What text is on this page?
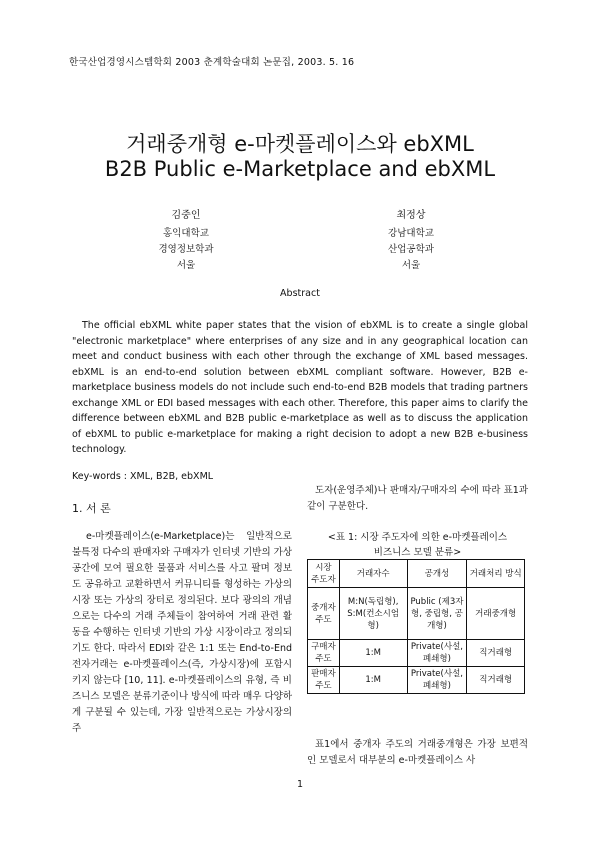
한국산업경영시스템학회 2003 춘계학술대회 논문집, 2003. 5. 16
거래중개형 e-마켓플레이스와 ebXML
B2B Public e-Marketplace and ebXML
김중인
홍익대학교
경영정보학과
서울
최정상
강남대학교
산업공학과
서울
Abstract
The official ebXML white paper states that the vision of ebXML is to create a single global "electronic marketplace" where enterprises of any size and in any geographical location can meet and conduct business with each other through the exchange of XML based messages. ebXML is an end-to-end solution between ebXML compliant software. However, B2B e-marketplace business models do not include such end-to-end B2B models that trading partners exchange XML or EDI based messages with each other. Therefore, this paper aims to clarify the difference between ebXML and B2B public e-marketplace as well as to discuss the application of ebXML to public e-marketplace for making a right decision to adopt a new B2B e-business technology.
Key-words : XML, B2B, ebXML
1. 서 론
e-마켓플레이스(e-Marketplace)는 일반적으로 불특정 다수의 판매자와 구매자가 인터넷 기반의 가상공간에 모여 필요한 물품과 서비스를 사고 팔며 정보도 공유하고 교환하면서 커뮤니티를 형성하는 가상의 시장 또는 가상의 장터로 정의된다. 보다 광의의 개념으로는 다수의 거래 주체들이 참여하여 거래 관련 활동을 수행하는 인터넷 기반의 가상 시장이라고 정의되기도 한다. 따라서 EDI와 같은 1:1 또는 End-to-End 전자거래는 e-마켓플레이스(즉, 가상시장)에 포함시키지 않는다 [10, 11]. e-마켓플레이스의 유형, 즉 비즈니스 모델은 분류기준이나 방식에 따라 매우 다양하게 구분될 수 있는데, 가장 일반적으로는 가상시장의 주
도자(운영주체)나 판매자/구매자의 수에 따라 표1과 같이 구분한다.
<표 1: 시장 주도자에 의한 e-마켓플레이스
비즈니스 모델 분류>
시장 주도자	거래자수	공개성	거래처리 방식
중개자 주도	M:N(독립형), S:M(컨소시엄형)	Public (제3자형, 중립형, 공개형)	거래중개형
구매자 주도	1:M	Private(사설, 폐쇄형)	직거래형
판매자 주도	1:M	Private(사설, 폐쇄형)	직거래형
표1에서 중개자 주도의 거래중개형은 가장 보편적인 모델로서 대부분의 e-마켓플레이스 사
1
